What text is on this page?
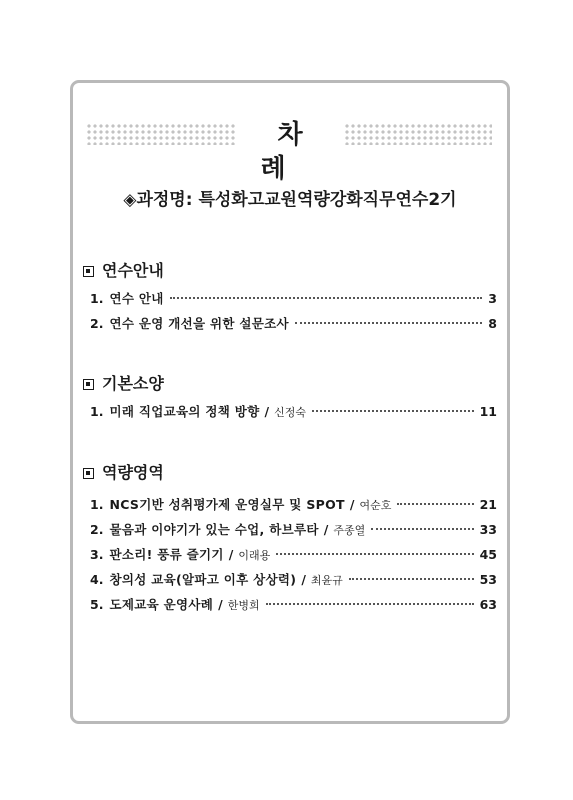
차 례
◈과정명: 특성화고교원역량강화직무연수2기
연수안내
1. 연수 안내	3
2. 연수 운영 개선을 위한 설문조사	8
기본소양
1. 미래 직업교육의 정책 방향 / 신정숙	11
역량영역
1. NCS기반 성취평가제 운영실무 및 SPOT / 여순호	21
2. 물음과 이야기가 있는 수업, 하브루타 / 주종열	33
3. 판소리! 풍류 즐기기 / 이래용	45
4. 창의성 교육(알파고 이후 상상력) / 최윤규	53
5. 도제교육 운영사례 / 한병희	63
